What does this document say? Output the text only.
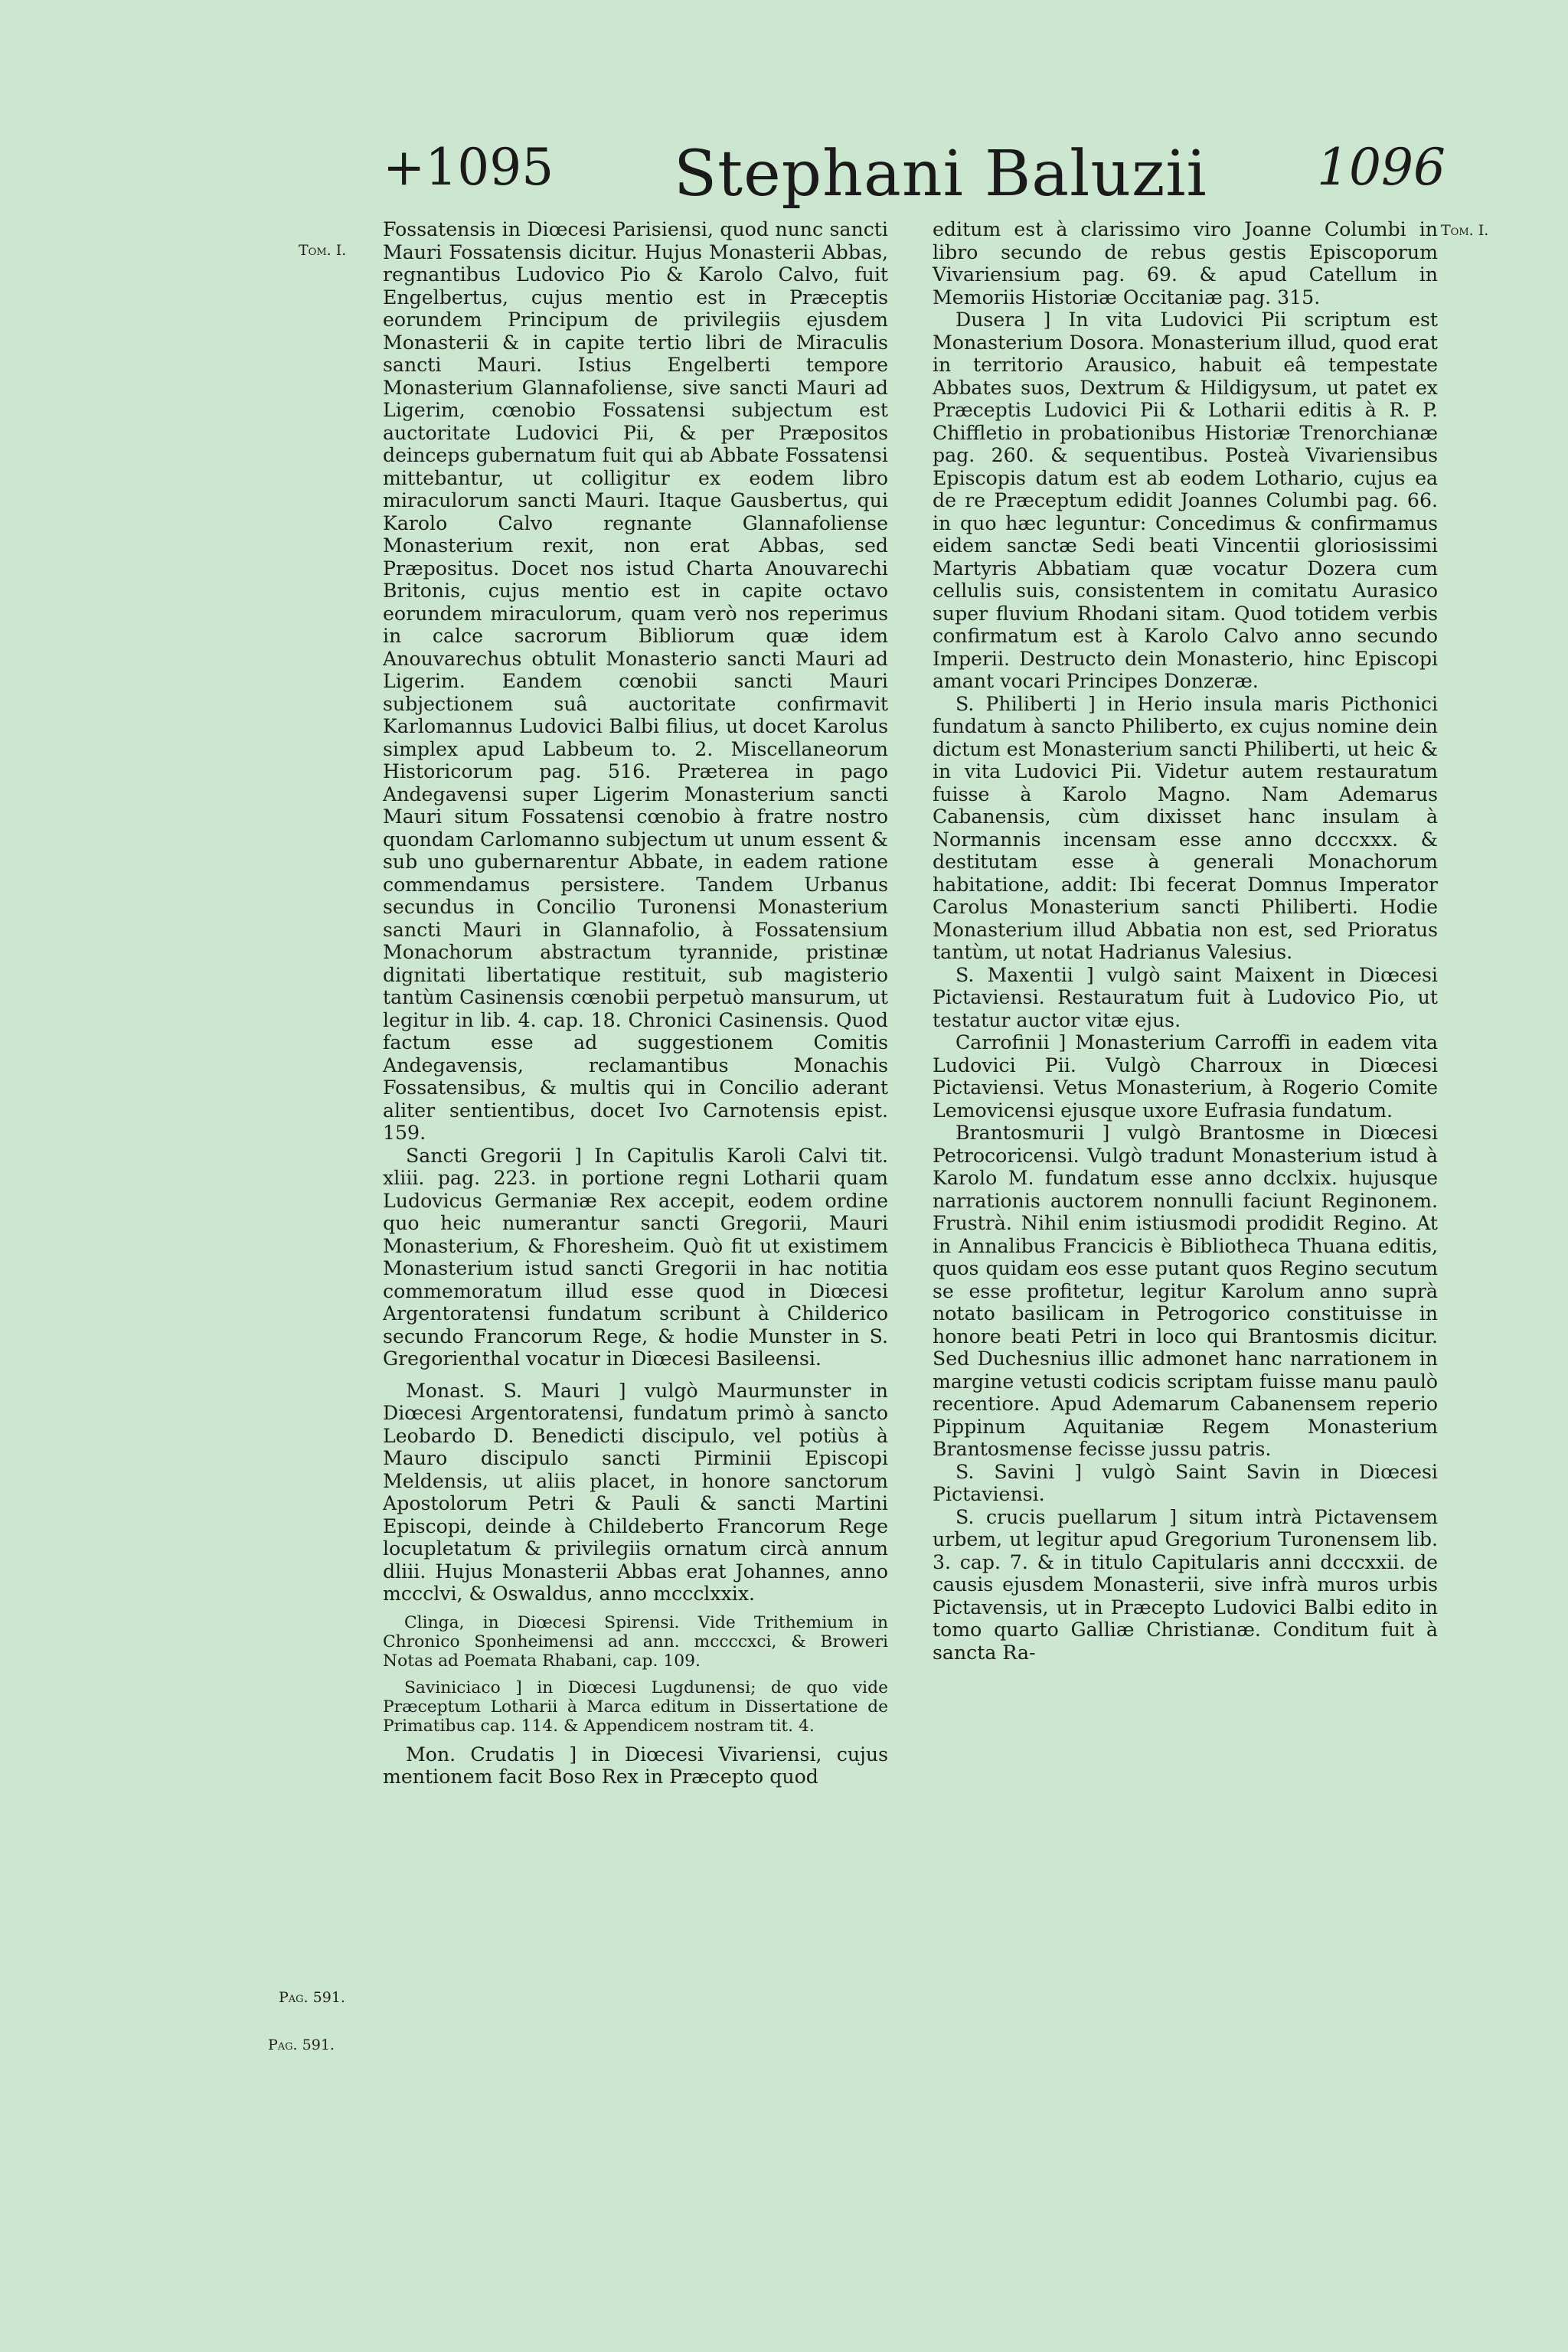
+1095 Stephani Baluzii 1096
Tom. I.
Tom. I.
Pag. 591.
Pag. 591.

Fossatensis in Diœcesi Parisiensi, quod nunc sancti Mauri Fossatensis dicitur. Hujus Monasterii Abbas, regnantibus Ludovico Pio & Karolo Calvo, fuit Engelbertus, cujus mentio est in Præceptis eorundem Principum de privilegiis ejusdem Monasterii & in capite tertio libri de Miraculis sancti Mauri. Istius Engelberti tempore Monasterium Glannafoliense, sive sancti Mauri ad Ligerim, cœnobio Fossatensi subjectum est auctoritate Ludovici Pii, & per Præpositos deinceps gubernatum fuit qui ab Abbate Fossatensi mittebantur, ut colligitur ex eodem libro miraculorum sancti Mauri. Itaque Gausbertus, qui Karolo Calvo regnante Glannafoliense Monasterium rexit, non erat Abbas, sed Præpositus. Docet nos istud Charta Anouvarechi Britonis, cujus mentio est in capite octavo eorundem miraculorum, quam verò nos reperimus in calce sacrorum Bibliorum quæ idem Anouvarechus obtulit Monasterio sancti Mauri ad Ligerim. Eandem cœnobii sancti Mauri subjectionem suâ auctoritate confirmavit Karlomannus Ludovici Balbi filius, ut docet Karolus simplex apud Labbeum to. 2. Miscellaneorum Historicorum pag. 516. Præterea in pago Andegavensi super Ligerim Monasterium sancti Mauri situm Fossatensi cœnobio à fratre nostro quondam Carlomanno subjectum ut unum essent & sub uno gubernarentur Abbate, in eadem ratione commendamus persistere. Tandem Urbanus secundus in Concilio Turonensi Monasterium sancti Mauri in Glannafolio, à Fossatensium Monachorum abstractum tyrannide, pristinæ dignitati libertatique restituit, sub magisterio tantùm Casinensis cœnobii perpetuò mansurum, ut legitur in lib. 4. cap. 18. Chronici Casinensis. Quod factum esse ad suggestionem Comitis Andegavensis, reclamantibus Monachis Fossatensibus, & multis qui in Concilio aderant aliter sentientibus, docet Ivo Carnotensis epist. 159.

Sancti Gregorii ] In Capitulis Karoli Calvi tit. xliii. pag. 223. in portione regni Lotharii quam Ludovicus Germaniæ Rex accepit, eodem ordine quo heic numerantur sancti Gregorii, Mauri Monasterium, & Fhoresheim. Quò fit ut existimem Monasterium istud sancti Gregorii in hac notitia commemoratum illud esse quod in Diœcesi Argentoratensi fundatum scribunt à Childerico secundo Francorum Rege, & hodie Munster in S. Gregorienthal vocatur in Diœcesi Basileensi.

Monast. S. Mauri ] vulgò Maurmunster in Diœcesi Argentoratensi, fundatum primò à sancto Leobardo D. Benedicti discipulo, vel potiùs à Mauro discipulo sancti Pirminii Episcopi Meldensis, ut aliis placet, in honore sanctorum Apostolorum Petri & Pauli & sancti Martini Episcopi, deinde à Childeberto Francorum Rege locupletatum & privilegiis ornatum circà annum dliii. Hujus Monasterii Abbas erat Johannes, anno mccclvi, & Oswaldus, anno mccclxxix.

Clinga, in Diœcesi Spirensi. Vide Trithemium in Chronico Sponheimensi ad ann. mccccxci, & Broweri Notas ad Poemata Rhabani, cap. 109.

Saviniciaco ] in Diœcesi Lugdunensi; de quo vide Præceptum Lotharii à Marca editum in Dissertatione de Primatibus cap. 114. & Appendicem nostram tit. 4.

Mon. Crudatis ] in Diœcesi Vivariensi, cujus mentionem facit Boso Rex in Præcepto quod

editum est à clarissimo viro Joanne Columbi in libro secundo de rebus gestis Episcoporum Vivariensium pag. 69. & apud Catellum in Memoriis Historiæ Occitaniæ pag. 315.

Dusera ] In vita Ludovici Pii scriptum est Monasterium Dosora. Monasterium illud, quod erat in territorio Arausico, habuit eâ tempestate Abbates suos, Dextrum & Hildigysum, ut patet ex Præceptis Ludovici Pii & Lotharii editis à R. P. Chiffletio in probationibus Historiæ Trenorchianæ pag. 260. & sequentibus. Posteà Vivariensibus Episcopis datum est ab eodem Lothario, cujus ea de re Præceptum edidit Joannes Columbi pag. 66. in quo hæc leguntur: Concedimus & confirmamus eidem sanctæ Sedi beati Vincentii gloriosissimi Martyris Abbatiam quæ vocatur Dozera cum cellulis suis, consistentem in comitatu Aurasico super fluvium Rhodani sitam. Quod totidem verbis confirmatum est à Karolo Calvo anno secundo Imperii. Destructo dein Monasterio, hinc Episcopi amant vocari Principes Donzeræ.

S. Philiberti ] in Herio insula maris Picthonici fundatum à sancto Philiberto, ex cujus nomine dein dictum est Monasterium sancti Philiberti, ut heic & in vita Ludovici Pii. Videtur autem restauratum fuisse à Karolo Magno. Nam Ademarus Cabanensis, cùm dixisset hanc insulam à Normannis incensam esse anno dcccxxx. & destitutam esse à generali Monachorum habitatione, addit: Ibi fecerat Domnus Imperator Carolus Monasterium sancti Philiberti. Hodie Monasterium illud Abbatia non est, sed Prioratus tantùm, ut notat Hadrianus Valesius.

S. Maxentii ] vulgò saint Maixent in Diœcesi Pictaviensi. Restauratum fuit à Ludovico Pio, ut testatur auctor vitæ ejus.

Carrofinii ] Monasterium Carroffi in eadem vita Ludovici Pii. Vulgò Charroux in Diœcesi Pictaviensi. Vetus Monasterium, à Rogerio Comite Lemovicensi ejusque uxore Eufrasia fundatum.

Brantosmurii ] vulgò Brantosme in Diœcesi Petrocoricensi. Vulgò tradunt Monasterium istud à Karolo M. fundatum esse anno dcclxix. hujusque narrationis auctorem nonnulli faciunt Reginonem. Frustrà. Nihil enim istiusmodi prodidit Regino. At in Annalibus Francicis è Bibliotheca Thuana editis, quos quidam eos esse putant quos Regino secutum se esse profitetur, legitur Karolum anno suprà notato basilicam in Petrogorico constituisse in honore beati Petri in loco qui Brantosmis dicitur. Sed Duchesnius illic admonet hanc narrationem in margine vetusti codicis scriptam fuisse manu paulò recentiore. Apud Ademarum Cabanensem reperio Pippinum Aquitaniæ Regem Monasterium Brantosmense fecisse jussu patris.

S. Savini ] vulgò Saint Savin in Diœcesi Pictaviensi.

S. crucis puellarum ] situm intrà Pictavensem urbem, ut legitur apud Gregorium Turonensem lib. 3. cap. 7. & in titulo Capitularis anni dcccxxii. de causis ejusdem Monasterii, sive infrà muros urbis Pictavensis, ut in Præcepto Ludovici Balbi edito in tomo quarto Galliæ Christianæ. Conditum fuit à sancta Ra-
